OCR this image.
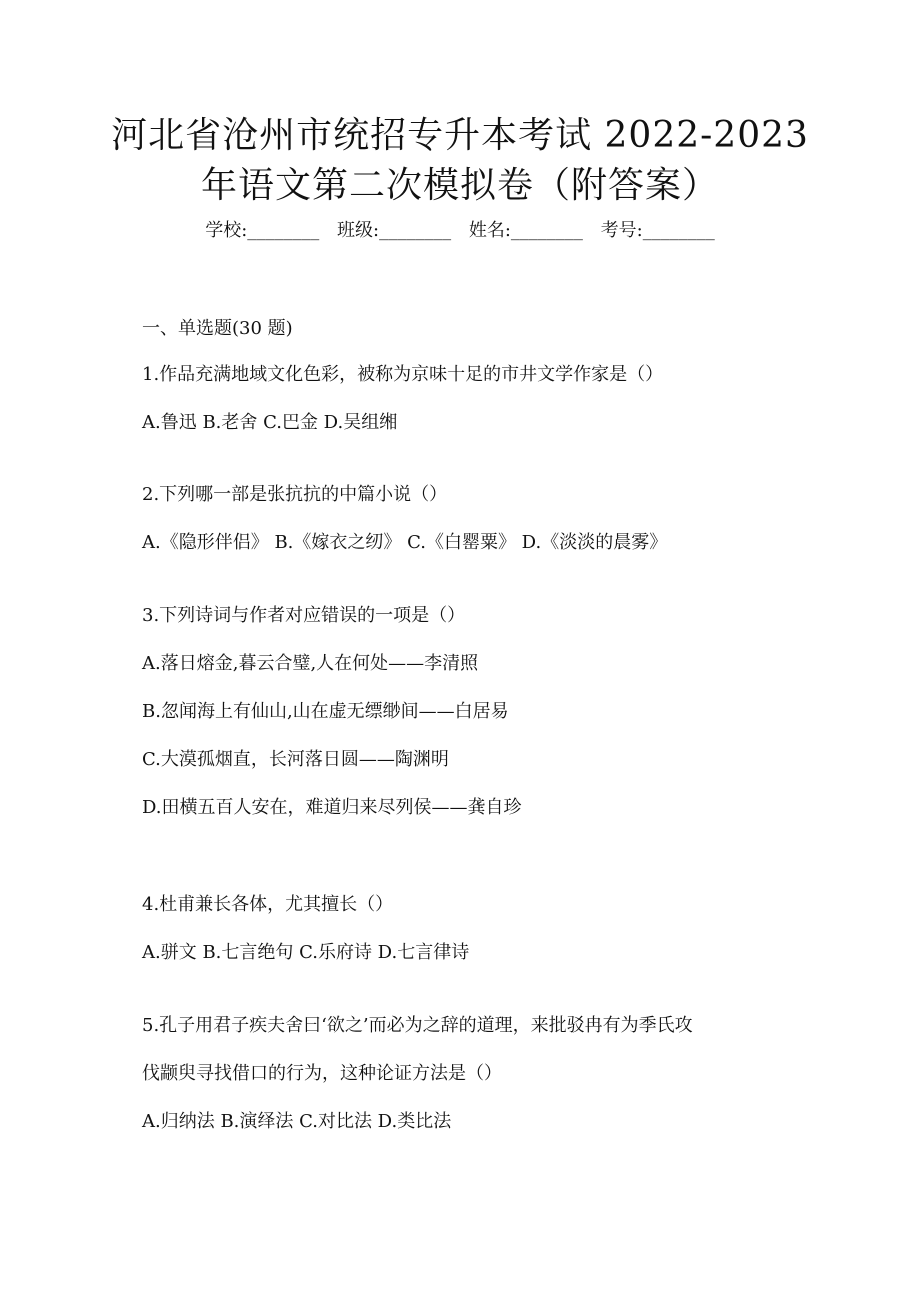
河北省沧州市统招专升本考试 2022-2023
年语文第二次模拟卷（附答案）
学校:________ 班级:________ 姓名:________ 考号:________
一、单选题(30 题)
1.作品充满地域文化色彩，被称为京味十足的市井文学作家是（）
A.鲁迅 B.老舍 C.巴金 D.吴组缃
2.下列哪一部是张抗抗的中篇小说（）
A.《隐形伴侣》 B.《嫁衣之纫》 C.《白罂粟》 D.《淡淡的晨雾》
3.下列诗词与作者对应错误的一项是（）
A.落日熔金,暮云合璧,人在何处——李清照
B.忽闻海上有仙山,山在虚无缥缈间——白居易
C.大漠孤烟直，长河落日圆——陶渊明
D.田横五百人安在，难道归来尽列侯——龚自珍
4.杜甫兼长各体，尤其擅长（）
A.骈文 B.七言绝句 C.乐府诗 D.七言律诗
5.孔子用君子疾夫舍曰‘欲之’而必为之辞的道理，来批驳冉有为季氏攻
伐颛臾寻找借口的行为，这种论证方法是（）
A.归纳法 B.演绎法 C.对比法 D.类比法
